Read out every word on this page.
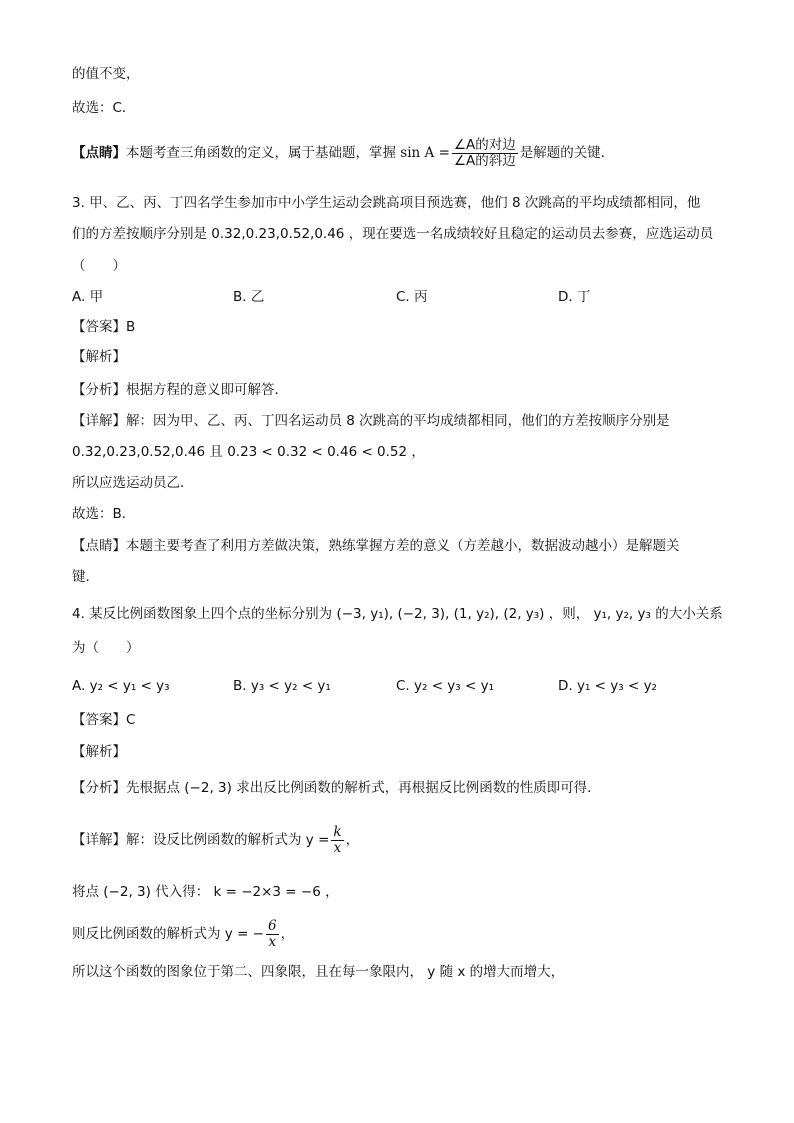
的值不变，
故选：C．
【点睛】本题考查三角函数的定义，属于基础题，掌握 $\sin A = \frac{\text{∠A的对边}}{\text{∠A的斜边}}$ 是解题的关键．
3. 甲、乙、丙、丁四名学生参加市中小学生运动会跳高项目预选赛，他们 8 次跳高的平均成绩都相同，他
们的方差按顺序分别是 0.32,0.23,0.52,0.46 ，现在要选一名成绩较好且稳定的运动员去参赛，应选运动员
（　　）
A. 甲	B. 乙	C. 丙	D. 丁
【答案】B
【解析】
【分析】根据方程的意义即可解答．
【详解】解：因为甲、乙、丙、丁四名运动员 8 次跳高的平均成绩都相同，他们的方差按顺序分别是
0.32,0.23,0.52,0.46 且 0.23 < 0.32 < 0.46 < 0.52 ，
所以应选运动员乙．
故选：B．
【点睛】本题主要考查了利用方差做决策，熟练掌握方差的意义（方差越小，数据波动越小）是解题关
键．
4. 某反比例函数图象上四个点的坐标分别为 (−3, y₁), (−2, 3), (1, y₂), (2, y₃) ，则， y₁, y₂, y₃ 的大小关系
为（　　）
A. y₂ < y₁ < y₃	B. y₃ < y₂ < y₁	C. y₂ < y₃ < y₁	D. y₁ < y₃ < y₂
【答案】C
【解析】
【分析】先根据点 (−2, 3) 求出反比例函数的解析式，再根据反比例函数的性质即可得．
【详解】解：设反比例函数的解析式为 $y = \frac{k}{x}$ ，
将点 (−2, 3) 代入得： k = −2×3 = −6 ，
则反比例函数的解析式为 y = − $\frac{6}{x}$ ，
所以这个函数的图象位于第二、四象限，且在每一象限内， y 随 x 的增大而增大，
